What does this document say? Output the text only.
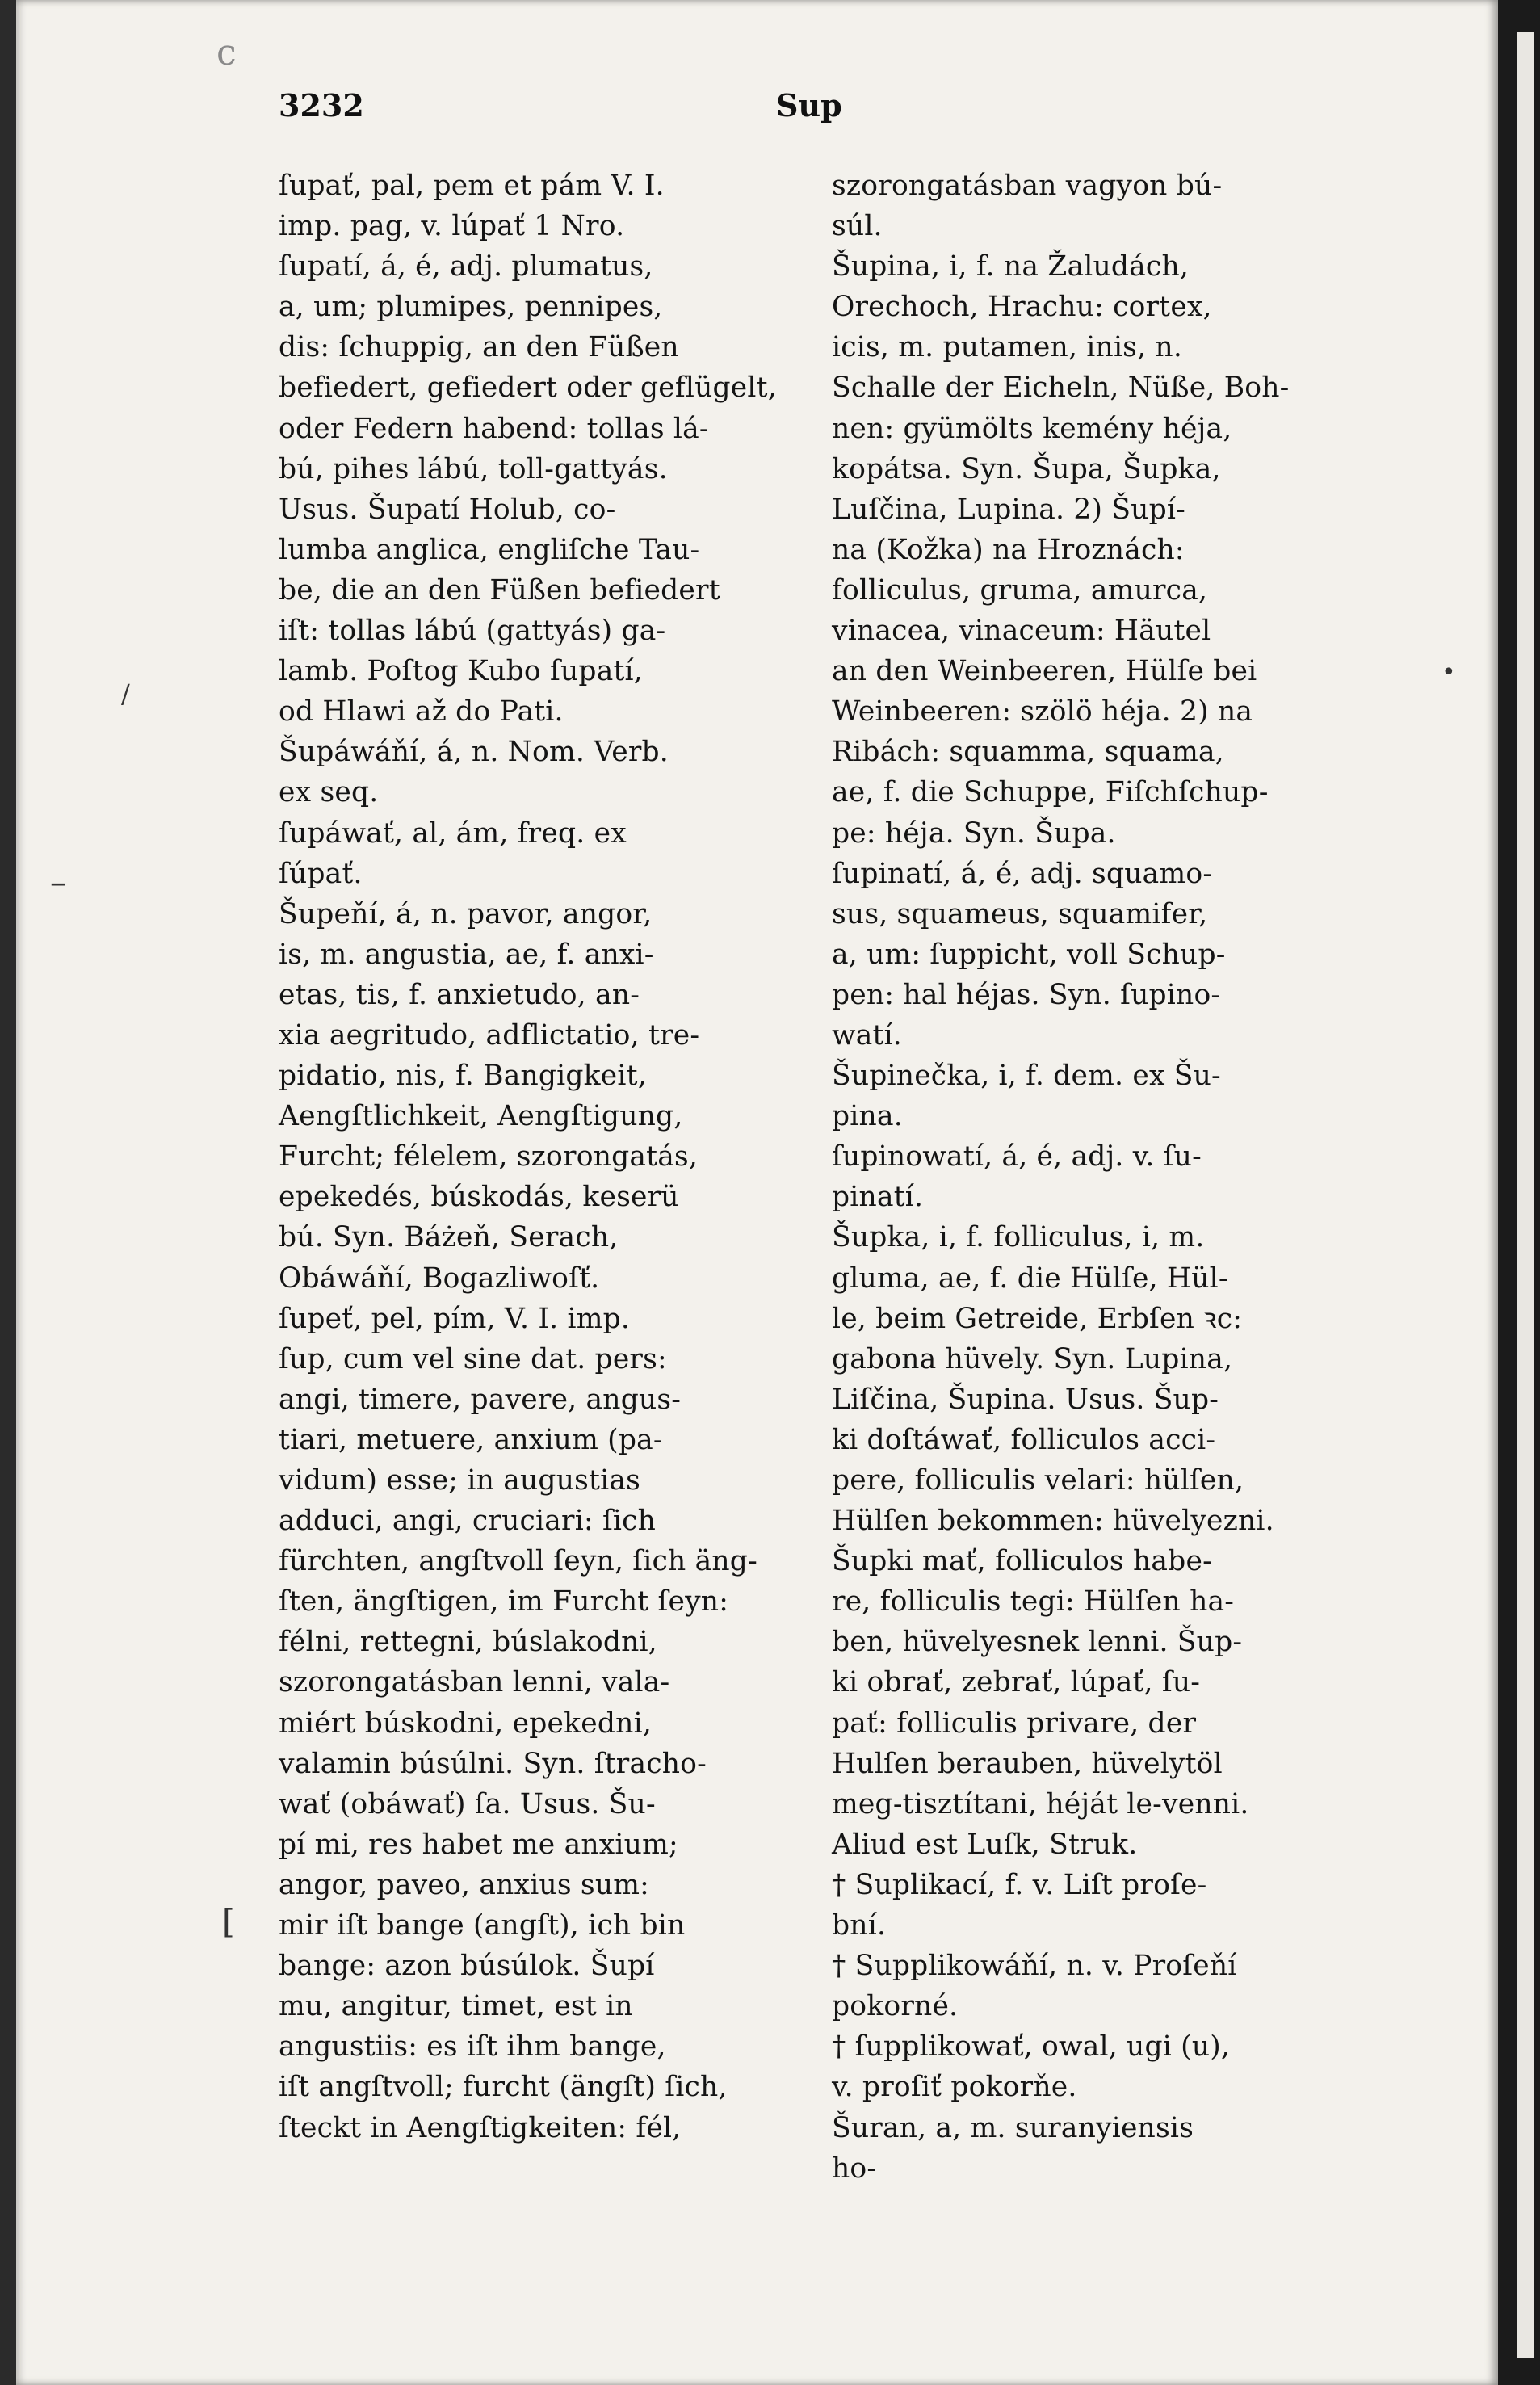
c
/
–
[
•
3232	Sup
ſupať, pal, pem et pám V. I.
imp. pag, v. lúpať 1 Nro.
ſupatí, á, é, adj. plumatus,
a, um; plumipes, pennipes,
dis: ſchuppig, an den Füßen
befiedert, gefiedert oder geflügelt,
oder Federn habend: tollas lá-
bú, pihes lábú, toll-gattyás.
Usus. Šupatí Holub, co-
lumba anglica, engliſche Tau-
be, die an den Füßen befiedert
iſt: tollas lábú (gattyás) ga-
lamb. Poſtog Kubo ſupatí,
od Hlawi až do Pati.
Šupáwáňí, á, n. Nom. Verb.
ex seq.
ſupáwať, al, ám, freq. ex
ſúpať.
Šupeňí, á, n. pavor, angor,
is, m. angustia, ae, f. anxi-
etas, tis, f. anxietudo, an-
xia aegritudo, adflictatio, tre-
pidatio, nis, f. Bangigkeit,
Aengſtlichkeit, Aengſtigung,
Furcht; félelem, szorongatás,
epekedés, búskodás, keserü
bú. Syn. Báżeň, Serach,
Obáwáňí, Bogazliwoſť.
ſupeť, pel, pím, V. I. imp.
ſup, cum vel sine dat. pers:
angi, timere, pavere, angus-
tiari, metuere, anxium (pa-
vidum) esse; in augustias
adduci, angi, cruciari: ſich
fürchten, angſtvoll ſeyn, ſich äng-
ſten, ängſtigen, im Furcht ſeyn:
félni, rettegni, búslakodni,
szorongatásban lenni, vala-
miért búskodni, epekedni,
valamin búsúlni. Syn. ſtracho-
wať (obáwať) ſa. Usus. Šu-
pí mi, res habet me anxium;
angor, paveo, anxius sum:
mir iſt bange (angſt), ich bin
bange: azon búsúlok. Šupí
mu, angitur, timet, est in
angustiis: es iſt ihm bange,
iſt angſtvoll; furcht (ängſt) ſich,
ſteckt in Aengſtigkeiten: fél,
szorongatásban vagyon bú-
súl.
Šupina, i, f. na Žaludách,
Orechoch, Hrachu: cortex,
icis, m. putamen, inis, n.
Schalle der Eicheln, Nüße, Boh-
nen: gyümölts kemény héja,
kopátsa. Syn. Šupa, Šupka,
Luſčina, Lupina. 2) Šupí-
na (Kožka) na Hroznách:
folliculus, gruma, amurca,
vinacea, vinaceum: Häutel
an den Weinbeeren, Hülſe bei
Weinbeeren: szölö héja. 2) na
Ribách: squamma, squama,
ae, f. die Schuppe, Fiſchſchup-
pe: héja. Syn. Šupa.
ſupinatí, á, é, adj. squamo-
sus, squameus, squamifer,
a, um: ſuppicht, voll Schup-
pen: hal héjas. Syn. ſupino-
watí.
Šupinečka, i, f. dem. ex Šu-
pina.
ſupinowatí, á, é, adj. v. ſu-
pinatí.
Šupka, i, f. folliculus, i, m.
gluma, ae, f. die Hülſe, Hül-
le, beim Getreide, Erbſen ꝛc:
gabona hüvely. Syn. Lupina,
Liſčina, Šupina. Usus. Šup-
ki doſtáwať, folliculos acci-
pere, folliculis velari: hülſen,
Hülſen bekommen: hüvelyezni.
Šupki mať, folliculos habe-
re, folliculis tegi: Hülſen ha-
ben, hüvelyesnek lenni. Šup-
ki obrať, zebrať, lúpať, ſu-
pať: folliculis privare, der
Hulſen berauben, hüvelytöl
meg-tisztítani, héját le-venni.
Aliud est Luſk, Struk.
† Suplikací, f. v. Liſt proſe-
bní.
† Supplikowáňí, n. v. Proſeňí
pokorné.
† ſupplikowať, owal, ugi (u),
v. proſiť pokorňe.
Šuran, a, m. suranyiensis
ho-
